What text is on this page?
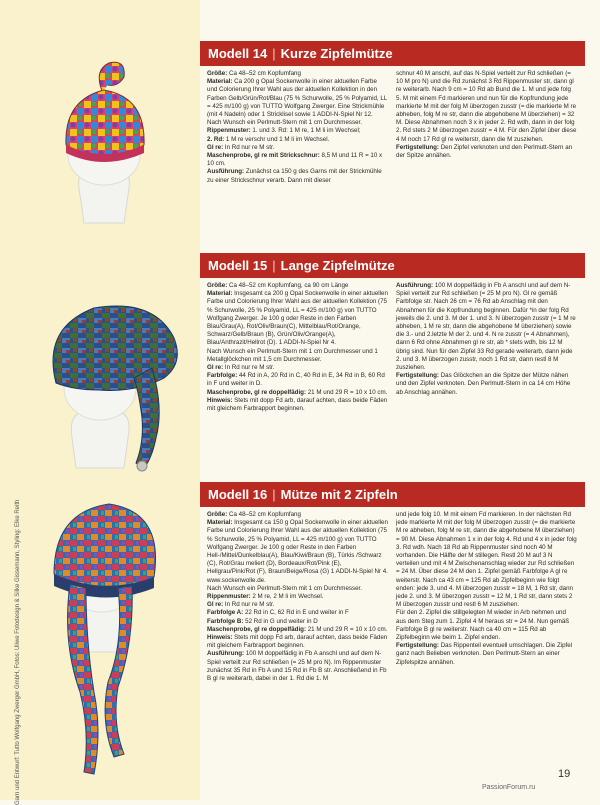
Garn und Entwurf: Tutto Wolfgang Zwerger GmbH, Fotos: Uliwe Fotodesign & Silke Gissemann, Styling: Elke Reith
Modell 14 | Kurze Zipfelmütze

Größe: Ca 48–52 cm Kopfumfang

Material: Ca 200 g Opal Sockenwolle in einer aktuellen Farbe und Colorierung Ihrer Wahl aus der aktuellen Kollektion in den Farben Gelb/Grün/Rot/Blau (75 % Schurwolle, 25 % Polyamid, LL = 425 m/100 g) von TUTTO Wolfgang Zwerger. Eine Strickmühle (mit 4 Nadeln) oder 1 Stricklisel sowie 1 ADDI-N-Spiel Nr 12.

Nach Wunsch ein Perlmutt-Stern mit 1 cm Durchmesser.

Rippenmuster: 1. und 3. Rd: 1 M re, 1 M li im Wechsel;

2. Rd: 1 M re verschr und 1 M li im Wechsel.

Gl re: In Rd nur re M str.

Maschenprobe, gl re mit Strickschnur: 8,5 M und 11 R = 10 x 10 cm.

Ausführung: Zunächst ca 150 g des Garns mit der Strickmühle zu einer Strickschnur verarb. Dann mit dieser

schnur 40 M anschl, auf das N-Spiel verteilt zur Rd schließen (= 10 M pro N) und die Rd zunächst 3 Rd Rippenmuster str, dann gl re weiterarb. Nach 9 cm = 10 Rd ab Bund die 1. M und jede folg 5. M mit einem Fd markieren und nun für die Kopfrundung jede markierte M mit der folg M überzogen zusstr (= die markierte M re abheben, folg M re str, dann die abgehobene M überziehen) = 32 M. Diese Abnahmen noch 3 x in jeder 2. Rd wdh, dann in der folg 2. Rd stets 2 M überzogen zusstr = 4 M. Für den Zipfel über diese 4 M noch 17 Rd gl re weiterstr, dann die M zusziehen.

Fertigstellung: Den Zipfel verknoten und den Perlmutt-Stern an der Spitze annähen.

Modell 15 | Lange Zipfelmütze

Größe: Ca 48–52 cm Kopfumfang, ca 90 cm Länge

Material: Insgesamt ca 200 g Opal Sockenwolle in einer aktuellen Farbe und Colorierung Ihrer Wahl aus der aktuellen Kollektion (75 % Schurwolle, 25 % Polyamid, LL = 425 m/100 g) von TUTTO Wolfgang Zwerger. Je 100 g oder Reste in den Farben Blau/Grau(A), Rot/Oliv/Braun(C), Mittelblau/Rot/Orange, Schwarz/Gelb/Braun (B), Grün/Oliv/Orange(A), Blau/Anthrazit/Hellrot (D). 1 ADDI-N-Spiel Nr 4.

Nach Wunsch ein Perlmutt-Stern mit 1 cm Durchmesser und 1 Metallglöckchen mit 1,5 cm Durchmesser.

Gl re: In Rd nur re M str.

Farbfolge: 44 Rd in A, 20 Rd in C, 40 Rd in E, 34 Rd in B, 60 Rd in F und weiter in D.

Maschenprobe, gl re doppelfädig: 21 M und 29 R = 10 x 10 cm.

Hinweis: Stets mit dopp Fd arb, darauf achten, dass beide Fäden mit gleichem Farbrapport beginnen.

Ausführung: 100 M doppelfädig in Fb A anschl und auf dem N-Spiel verteilt zur Rd schließen (= 25 M pro N). Gl re gemäß Farbfolge str. Nach 26 cm = 76 Rd ab Anschlag mit den Abnahmen für die Kopfrundung beginnen. Dafür *in der folg Rd jeweils die 2. und 3. M der 1. und 3. N überzogen zusstr (= 1 M re abheben, 1 M re str, dann die abgehobene M überziehen) sowie die 3.- und 2.letzte M der 2. und 4. N re zusstr (= 4 Abnahmen), dann 6 Rd ohne Abnahmen gl re str, ab * stets wdh, bis 12 M übrig sind. Nun für den Zipfel 33 Rd gerade weiterarb, dann jede 2. und 3. M überzogen zusstr, noch 1 Rd str, dann restl 8 M zusziehen.

Fertigstellung: Das Glöckchen an die Spitze der Mütze nähen und den Zipfel verknoten. Den Perlmutt-Stern in ca 14 cm Höhe ab Anschlag annähen.

Modell 16 | Mütze mit 2 Zipfeln

Größe: Ca 48–52 cm Kopfumfang

Material: Insgesamt ca 150 g Opal Sockenwolle in einer aktuellen Farbe und Colorierung Ihrer Wahl aus der aktuellen Kollektion (75 % Schurwolle, 25 % Polyamid, LL = 425 m/100 g) von TUTTO Wolfgang Zwerger. Je 100 g oder Reste in den Farben Hell-/Mittel/Dunkelblau(A), Blau/Kiwi/Braun (B), Türkis /Schwarz (C), Rot/Grau meliert (D), Bordeaux/Rot/Pink (E), Hellgrau/Pink/Rot (F), Braun/Beige/Rosa (G) 1 ADDI-N-Spiel Nr 4.

www.sockenwolle.de.

Nach Wunsch ein Perlmutt-Stern mit 1 cm Durchmesser.

Rippenmuster: 2 M re, 2 M li im Wechsel.

Gl re: In Rd nur re M str.

Farbfolge A: 22 Rd in C, 62 Rd in E und weiter in F

Farbfolge B: 52 Rd in G und weiter in D

Maschenprobe, gl re doppelfädig: 21 M und 29 R = 10 x 10 cm.

Hinweis: Stets mit dopp Fd arb, darauf achten, dass beide Fäden mit gleichem Farbrapport beginnen.

Ausführung: 100 M doppelfädig in Fb A anschl und auf dem N-Spiel verteilt zur Rd schließen (= 25 M pro N). Im Rippenmuster zunächst 35 Rd in Fb A und 15 Rd in Fb B str. Anschließend in Fb B gl re weiterarb, dabei in der 1. Rd die 1. M

und jede folg 10. M mit einem Fd markieren. In der nächsten Rd jede markierte M mit der folg M überzogen zusstr (= die markierte M re abheben, folg M re str, dann die abgehobene M überziehen) = 90 M. Diese Abnahmen 1 x in der folg 4. Rd und 4 x in jeder folg 3. Rd wdh. Nach 18 Rd ab Rippenmuster sind noch 40 M vorhanden. Die Hälfte der M stillegen. Restl 20 M auf 3 N verteilen und mit 4 M Zwischenanschlag wieder zur Rd schließen = 24 M. Über diese 24 M den 1. Zipfel gemäß Farbfolge A gl re weiterstr. Nach ca 43 cm = 125 Rd ab Zipfelbeginn wie folgt enden: jede 3. und 4. M überzogen zusstr = 18 M, 1 Rd str, dann jede 2. und 3. M überzogen zusstr = 12 M, 1 Rd str, dann stets 2 M überzogen zusstr und restl 6 M zusziehen.

Für den 2. Zipfel die stillgelegten M wieder in Arb nehmen und aus dem Steg zum 1. Zipfel 4 M heraus str = 24 M. Nun gemäß Farbfolge B gl re weiterstr. Nach ca 40 cm = 115 Rd ab Zipfelbeginn wie beim 1. Zipfel enden.

Fertigstellung: Das Rippenteil eventuell umschlagen. Die Zipfel ganz nach Belieben verknoten. Den Perlmutt-Stern an einer Zipfelspitze annähen.

19
PassionForum.ru
